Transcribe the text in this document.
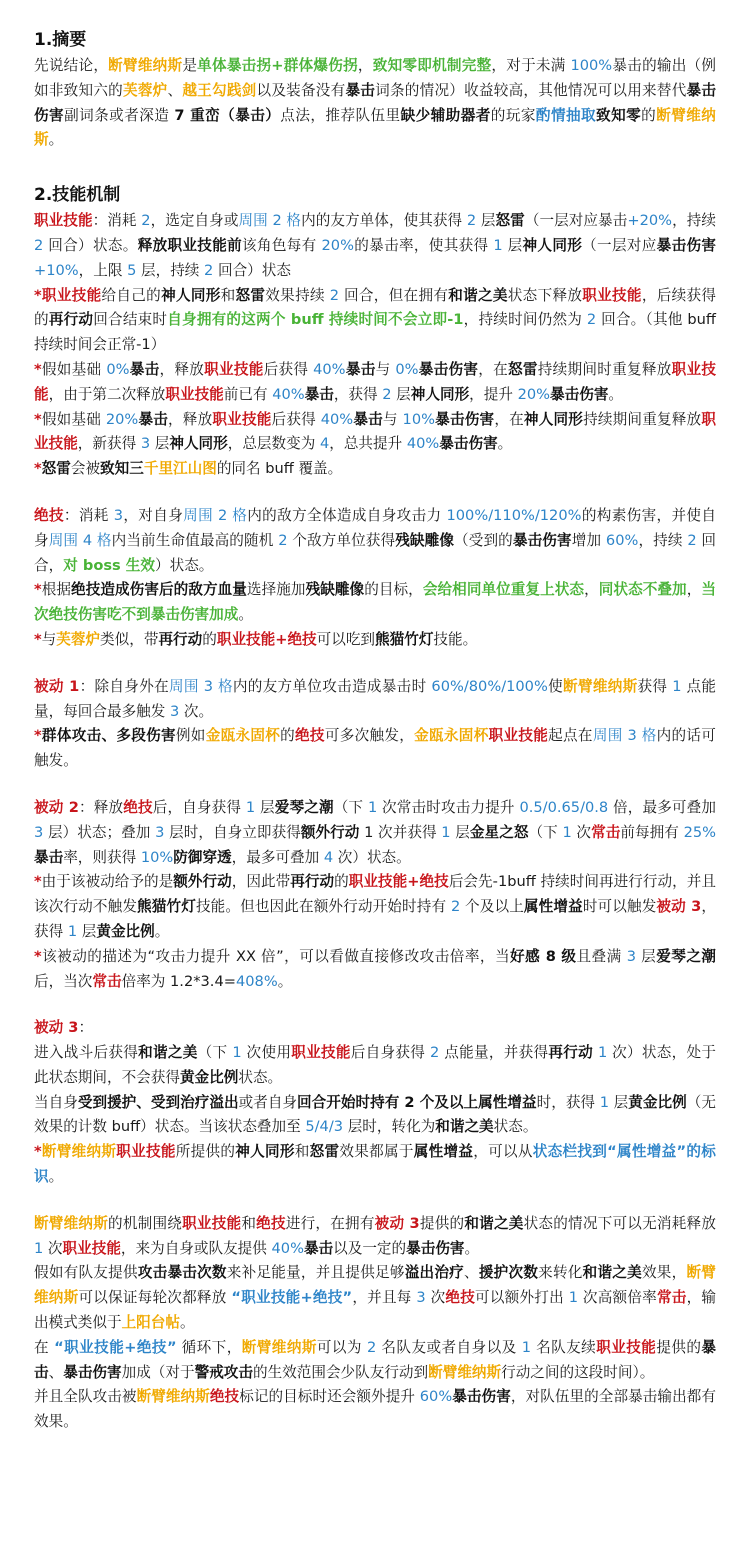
1.摘要
先说结论，断臂维纳斯是单体暴击拐+群体爆伤拐，致知零即机制完整，对于未满 100%暴击的输出（例如非致知六的芙蓉炉、越王勾践剑以及装备没有暴击词条的情况）收益较高，其他情况可以用来替代暴击伤害副词条或者深造 7 重峦（暴击）点法，推荐队伍里缺少辅助器者的玩家酌情抽取致知零的断臂维纳斯。
2.技能机制
职业技能：消耗 2，选定自身或周围 2 格内的友方单体，使其获得 2 层怒雷（一层对应暴击+20%，持续 2 回合）状态。释放职业技能前该角色每有 20%的暴击率，使其获得 1 层神人同形（一层对应暴击伤害+10%，上限 5 层，持续 2 回合）状态
*职业技能给自己的神人同形和怒雷效果持续 2 回合，但在拥有和谐之美状态下释放职业技能，后续获得的再行动回合结束时自身拥有的这两个 buff 持续时间不会立即-1，持续时间仍然为 2 回合。（其他 buff 持续时间会正常-1）
*假如基础 0%暴击，释放职业技能后获得 40%暴击与 0%暴击伤害，在怒雷持续期间时重复释放职业技能，由于第二次释放职业技能前已有 40%暴击，获得 2 层神人同形，提升 20%暴击伤害。
*假如基础 20%暴击，释放职业技能后获得 40%暴击与 10%暴击伤害，在神人同形持续期间重复释放职业技能，新获得 3 层神人同形，总层数变为 4，总共提升 40%暴击伤害。
*怒雷会被致知三千里江山图的同名 buff 覆盖。
绝技：消耗 3，对自身周围 2 格内的敌方全体造成自身攻击力 100%/110%/120%的构素伤害，并使自身周围 4 格内当前生命值最高的随机 2 个敌方单位获得残缺雕像（受到的暴击伤害增加 60%，持续 2 回合，对 boss 生效）状态。
*根据绝技造成伤害后的敌方血量选择施加残缺雕像的目标，会给相同单位重复上状态，同状态不叠加，当次绝技伤害吃不到暴击伤害加成。
*与芙蓉炉类似，带再行动的职业技能+绝技可以吃到熊猫竹灯技能。
被动 1：除自身外在周围 3 格内的友方单位攻击造成暴击时 60%/80%/100%使断臂维纳斯获得 1 点能量，每回合最多触发 3 次。
*群体攻击、多段伤害例如金瓯永固杯的绝技可多次触发，金瓯永固杯职业技能起点在周围 3 格内的话可触发。
被动 2：释放绝技后，自身获得 1 层爱琴之潮（下 1 次常击时攻击力提升 0.5/0.65/0.8 倍，最多可叠加 3 层）状态；叠加 3 层时，自身立即获得额外行动 1 次并获得 1 层金星之怒（下 1 次常击前每拥有 25%暴击率，则获得 10%防御穿透，最多可叠加 4 次）状态。
*由于该被动给予的是额外行动，因此带再行动的职业技能+绝技后会先-1buff 持续时间再进行行动，并且该次行动不触发熊猫竹灯技能。但也因此在额外行动开始时持有 2 个及以上属性增益时可以触发被动 3，获得 1 层黄金比例。
*该被动的描述为“攻击力提升 XX 倍”，可以看做直接修改攻击倍率，当好感 8 级且叠满 3 层爱琴之潮后，当次常击倍率为 1.2*3.4=408%。
被动 3：
进入战斗后获得和谐之美（下 1 次使用职业技能后自身获得 2 点能量，并获得再行动 1 次）状态，处于此状态期间，不会获得黄金比例状态。
当自身受到援护、受到治疗溢出或者自身回合开始时持有 2 个及以上属性增益时，获得 1 层黄金比例（无效果的计数 buff）状态。当该状态叠加至 5/4/3 层时，转化为和谐之美状态。
*断臂维纳斯职业技能所提供的神人同形和怒雷效果都属于属性增益，可以从状态栏找到“属性增益”的标识。
断臂维纳斯的机制围绕职业技能和绝技进行，在拥有被动 3提供的和谐之美状态的情况下可以无消耗释放 1 次职业技能，来为自身或队友提供 40%暴击以及一定的暴击伤害。
假如有队友提供攻击暴击次数来补足能量，并且提供足够溢出治疗、援护次数来转化和谐之美效果，断臂维纳斯可以保证每轮次都释放 “职业技能+绝技”，并且每 3 次绝技可以额外打出 1 次高额倍率常击，输出模式类似于上阳台帖。
在 “职业技能+绝技” 循环下，断臂维纳斯可以为 2 名队友或者自身以及 1 名队友续职业技能提供的暴击、暴击伤害加成（对于警戒攻击的生效范围会少队友行动到断臂维纳斯行动之间的这段时间）。
并且全队攻击被断臂维纳斯绝技标记的目标时还会额外提升 60%暴击伤害，对队伍里的全部暴击输出都有效果。
